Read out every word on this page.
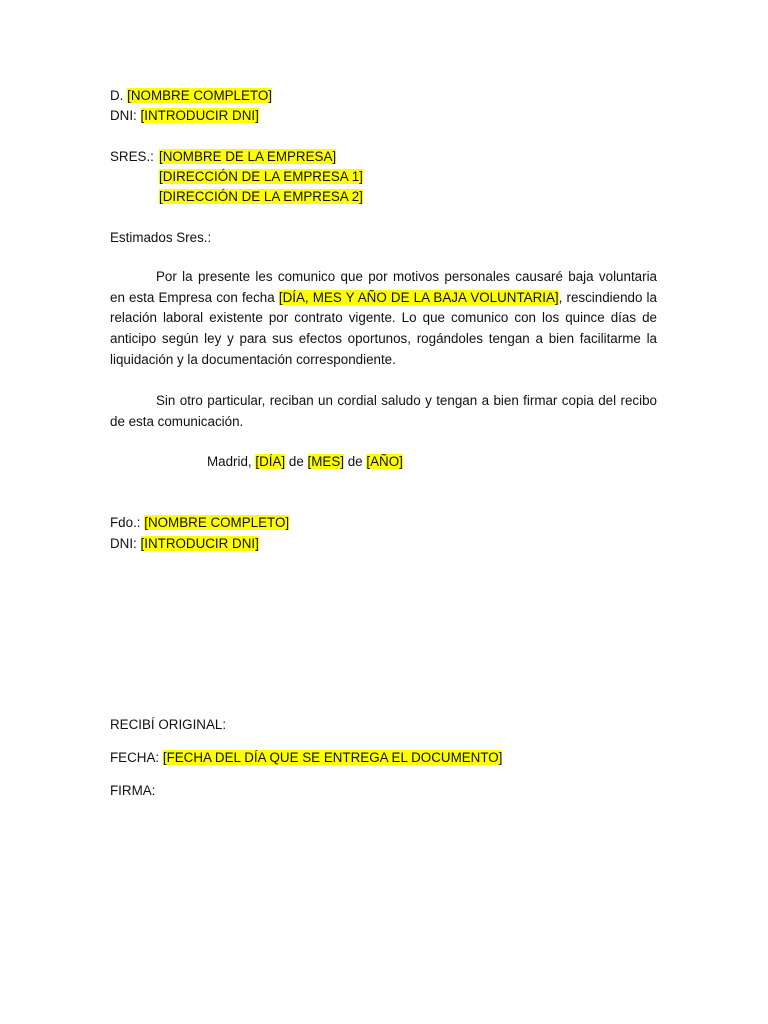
D. [NOMBRE COMPLETO]
DNI: [INTRODUCIR DNI]
SRES.: [NOMBRE DE LA EMPRESA]
[DIRECCIÓN DE LA EMPRESA 1]
[DIRECCIÓN DE LA EMPRESA 2]
Estimados Sres.:
Por la presente les comunico que por motivos personales causaré baja voluntaria en esta Empresa con fecha [DÍA, MES Y AÑO DE LA BAJA VOLUNTARIA], rescindiendo la relación laboral existente por contrato vigente. Lo que comunico con los quince días de anticipo según ley y para sus efectos oportunos, rogándoles tengan a bien facilitarme la liquidación y la documentación correspondiente.
Sin otro particular, reciban un cordial saludo y tengan a bien firmar copia del recibo de esta comunicación.
Madrid, [DÍA] de [MES] de [AÑO]
Fdo.: [NOMBRE COMPLETO]
DNI: [INTRODUCIR DNI]
RECIBÍ ORIGINAL:
FECHA: [FECHA DEL DÍA QUE SE ENTREGA EL DOCUMENTO]
FIRMA:
